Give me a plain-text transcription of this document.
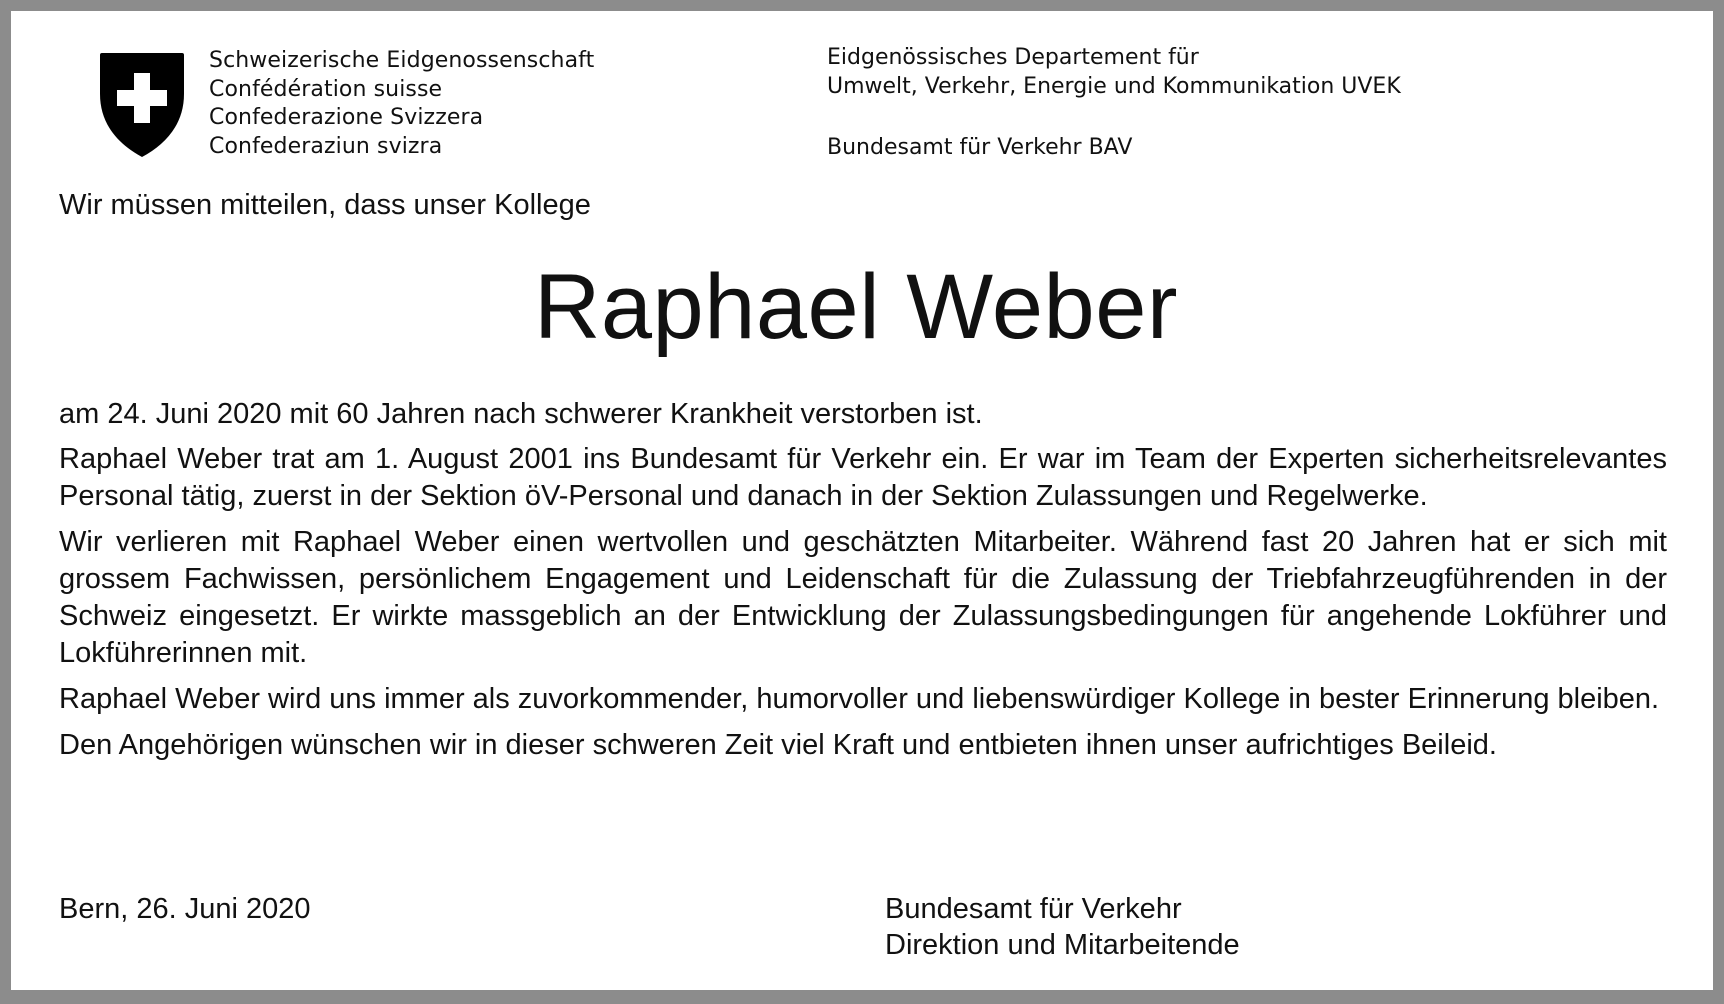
Schweizerische Eidgenossenschaft
Confédération suisse
Confederazione Svizzera
Confederaziun svizra
Eidgenössisches Departement für
Umwelt, Verkehr, Energie und Kommunikation UVEK
Bundesamt für Verkehr BAV
Wir müssen mitteilen, dass unser Kollege
Raphael Weber

am 24. Juni 2020 mit 60 Jahren nach schwerer Krankheit verstorben ist.

Raphael Weber trat am 1. August 2001 ins Bundesamt für Verkehr ein. Er war im Team der Experten sicherheitsrelevantes Personal tätig, zuerst in der Sektion öV-Personal und danach in der Sektion Zulassungen und Regelwerke.

Wir verlieren mit Raphael Weber einen wertvollen und geschätzten Mitarbeiter. Während fast 20 Jahren hat er sich mit grossem Fachwissen, persönlichem Engagement und Leidenschaft für die Zulassung der Triebfahrzeugführenden in der Schweiz eingesetzt. Er wirkte massgeblich an der Entwicklung der Zulassungsbedingungen für angehende Lokführer und Lokführerinnen mit.

Raphael Weber wird uns immer als zuvorkommender, humorvoller und liebenswürdiger Kollege in bester Erinnerung bleiben.

Den Angehörigen wünschen wir in dieser schweren Zeit viel Kraft und entbieten ihnen unser aufrichtiges Beileid.

Bern, 26. Juni 2020	Bundesamt für Verkehr
Direktion und Mitarbeitende
